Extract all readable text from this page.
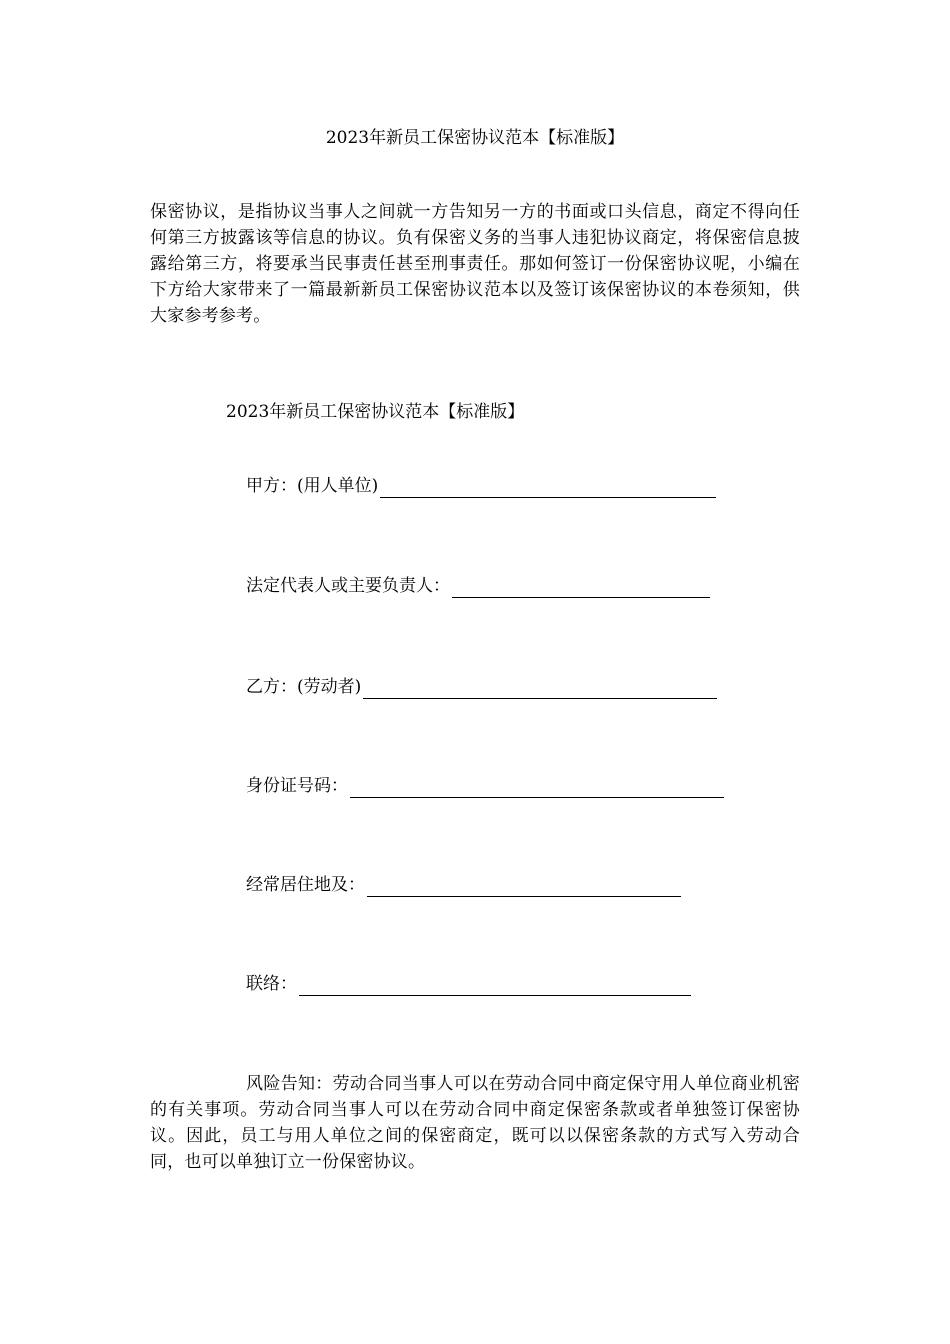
2023年新员工保密协议范本【标准版】
保密协议，是指协议当事人之间就一方告知另一方的书面或口头信息，商定不得向任何第三方披露该等信息的协议。负有保密义务的当事人违犯协议商定，将保密信息披露给第三方，将要承当民事责任甚至刑事责任。那如何签订一份保密协议呢，小编在下方给大家带来了一篇最新新员工保密协议范本以及签订该保密协议的本卷须知，供大家参考参考。
2023年新员工保密协议范本【标准版】
甲方：(用人单位)
法定代表人或主要负责人：
乙方：(劳动者)
身份证号码：
经常居住地及：
联络：
风险告知：劳动合同当事人可以在劳动合同中商定保守用人单位商业机密的有关事项。劳动合同当事人可以在劳动合同中商定保密条款或者单独签订保密协议。因此，员工与用人单位之间的保密商定，既可以以保密条款的方式写入劳动合同，也可以单独订立一份保密协议。
